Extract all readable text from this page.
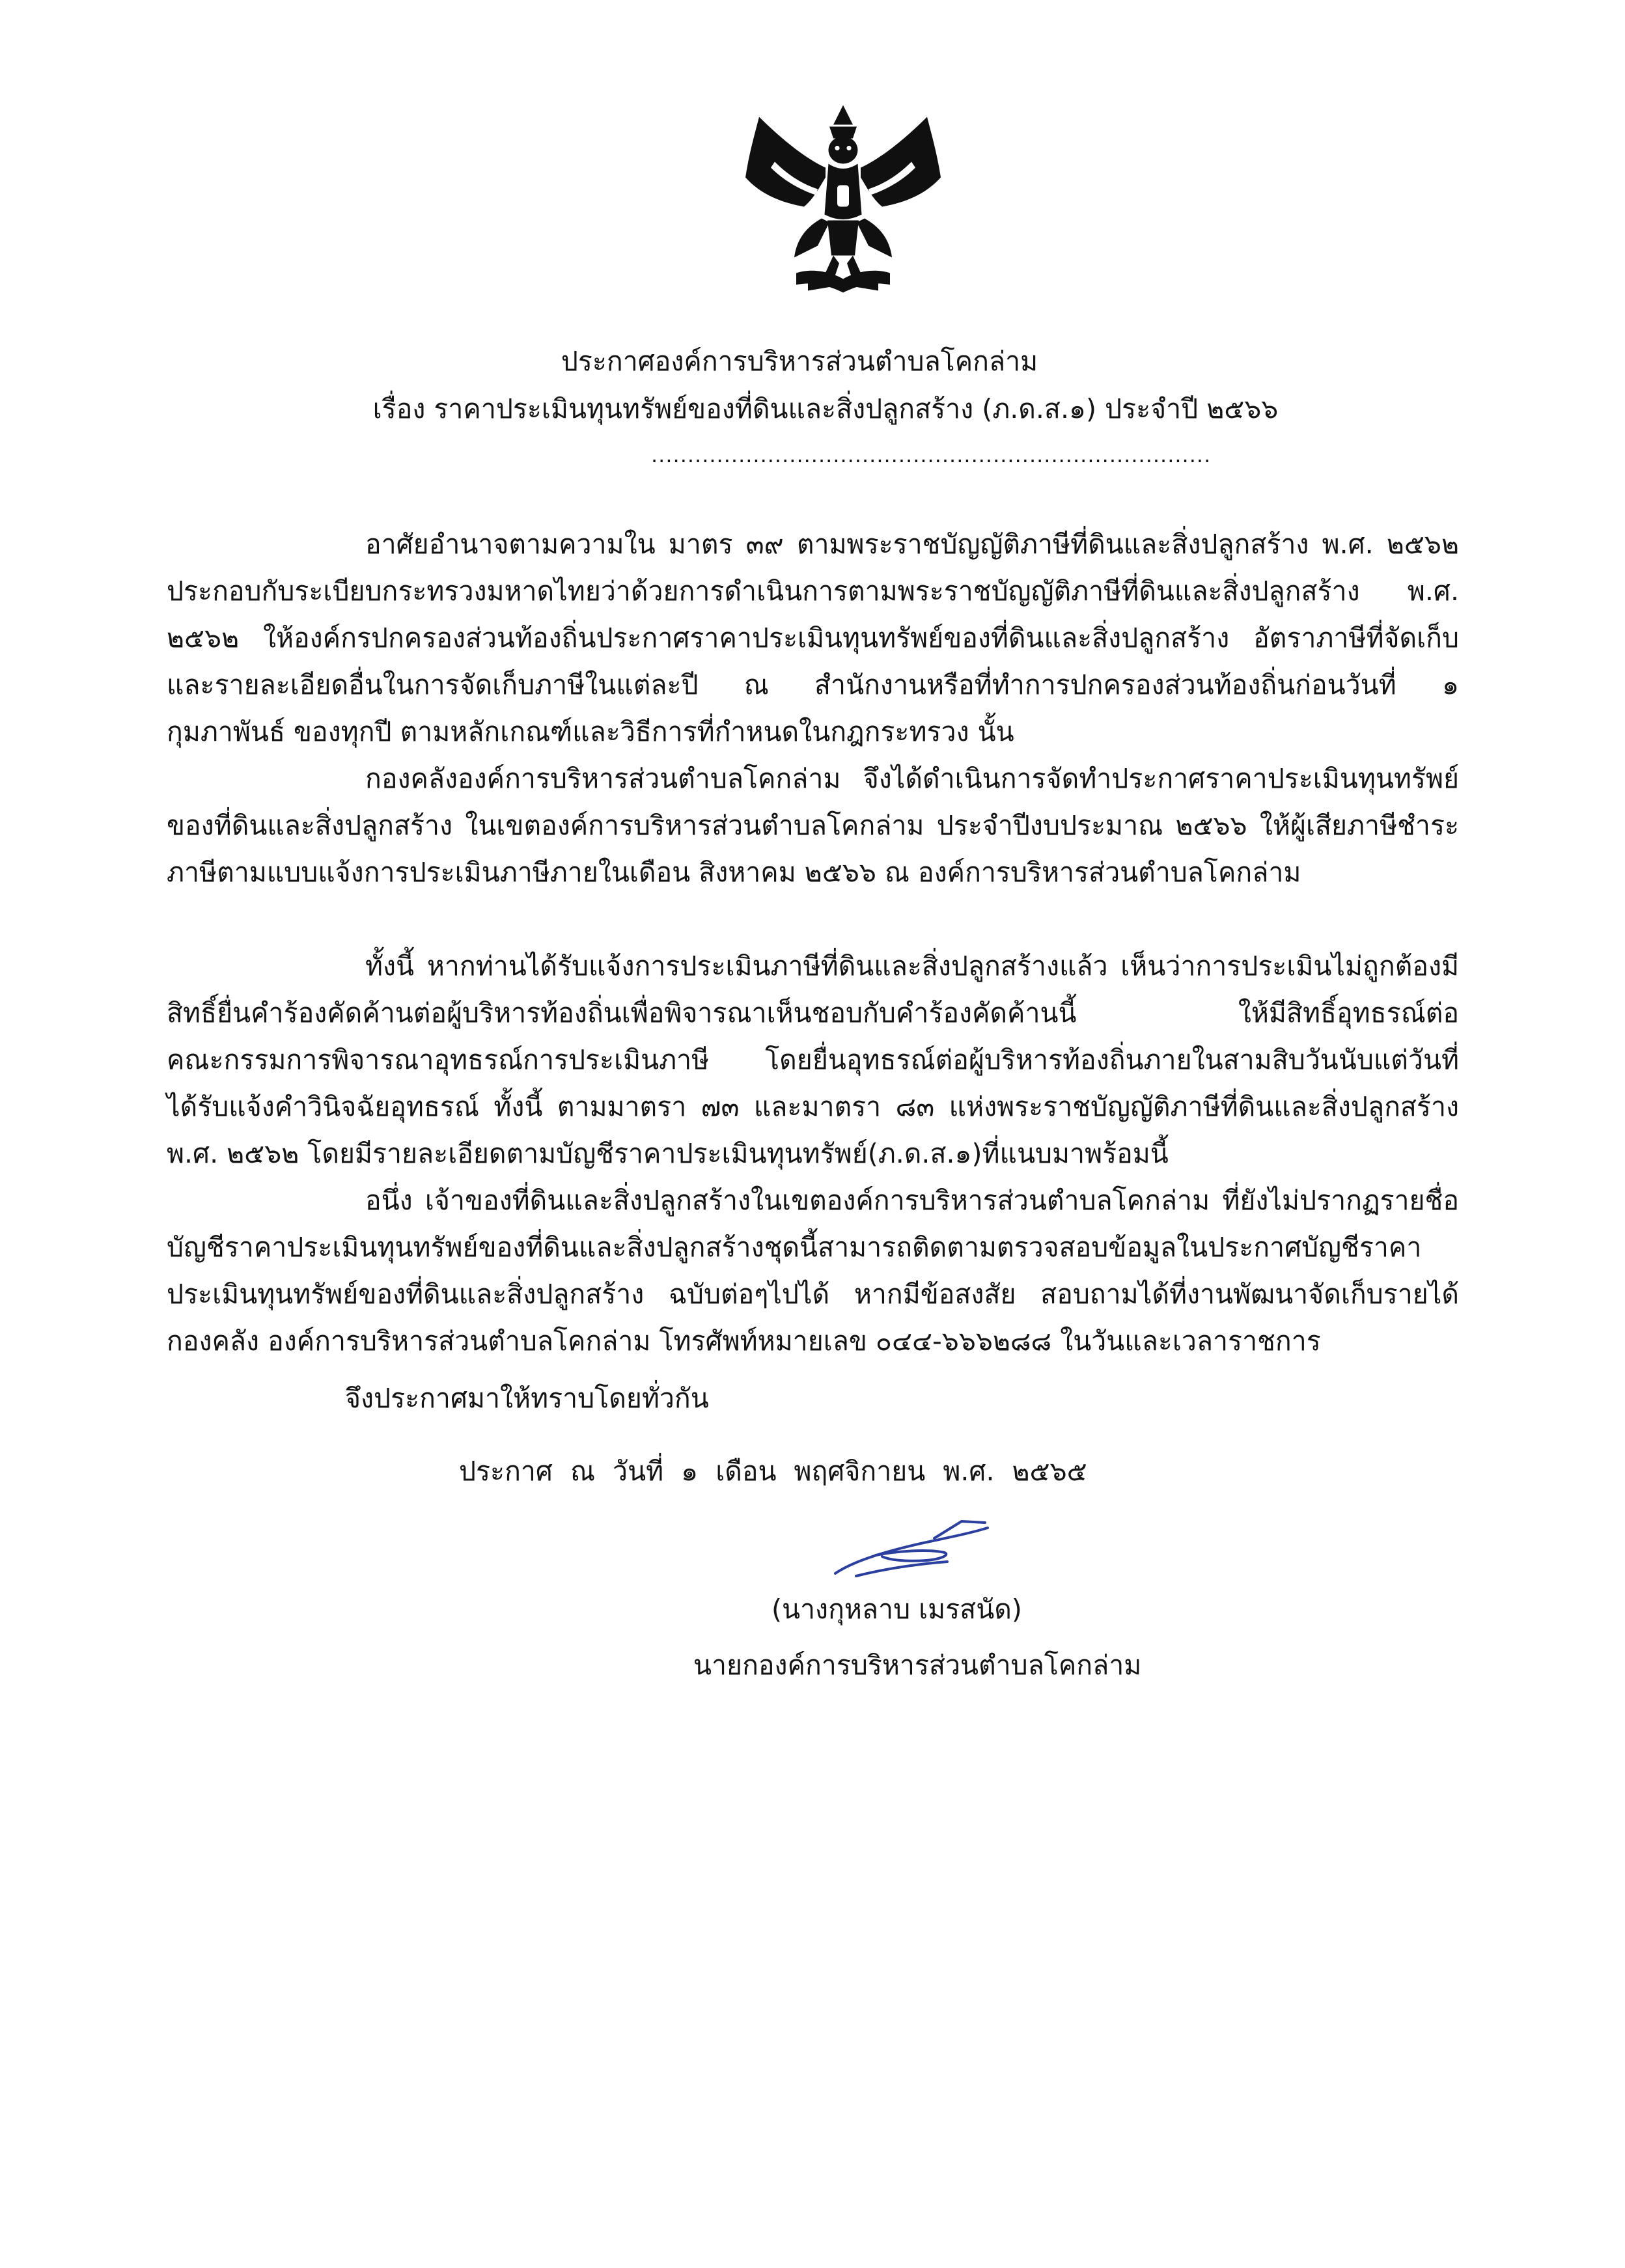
ประกาศองค์การบริหารส่วนตำบลโคกล่าม
เรื่อง ราคาประเมินทุนทรัพย์ของที่ดินและสิ่งปลูกสร้าง (ภ.ด.ส.๑) ประจำปี ๒๕๖๖
.............................................................................
อาศัยอำนาจตามความใน มาตร ๓๙ ตามพระราชบัญญัติภาษีที่ดินและสิ่งปลูกสร้าง พ.ศ. ๒๕๖๒
ประกอบกับระเบียบกระทรวงมหาดไทยว่าด้วยการดำเนินการตามพระราชบัญญัติภาษีที่ดินและสิ่งปลูกสร้าง พ.ศ.
๒๕๖๒ ให้องค์กรปกครองส่วนท้องถิ่นประกาศราคาประเมินทุนทรัพย์ของที่ดินและสิ่งปลูกสร้าง อัตราภาษีที่จัดเก็บ
และรายละเอียดอื่นในการจัดเก็บภาษีในแต่ละปี ณ สำนักงานหรือที่ทำการปกครองส่วนท้องถิ่นก่อนวันที่ ๑
กุมภาพันธ์ ของทุกปี ตามหลักเกณฑ์และวิธีการที่กำหนดในกฎกระทรวง นั้น
กองคลังองค์การบริหารส่วนตำบลโคกล่าม จึงได้ดำเนินการจัดทำประกาศราคาประเมินทุนทรัพย์
ของที่ดินและสิ่งปลูกสร้าง ในเขตองค์การบริหารส่วนตำบลโคกล่าม ประจำปีงบประมาณ ๒๕๖๖ ให้ผู้เสียภาษีชำระ
ภาษีตามแบบแจ้งการประเมินภาษีภายในเดือน สิงหาคม ๒๕๖๖ ณ องค์การบริหารส่วนตำบลโคกล่าม
ทั้งนี้ หากท่านได้รับแจ้งการประเมินภาษีที่ดินและสิ่งปลูกสร้างแล้ว เห็นว่าการประเมินไม่ถูกต้องมี
สิทธิ์ยื่นคำร้องคัดค้านต่อผู้บริหารท้องถิ่นเพื่อพิจารณาเห็นชอบกับคำร้องคัดค้านนี้ ให้มีสิทธิ์อุทธรณ์ต่อ
คณะกรรมการพิจารณาอุทธรณ์การประเมินภาษี โดยยื่นอุทธรณ์ต่อผู้บริหารท้องถิ่นภายในสามสิบวันนับแต่วันที่
ได้รับแจ้งคำวินิจฉัยอุทธรณ์ ทั้งนี้ ตามมาตรา ๗๓ และมาตรา ๘๓ แห่งพระราชบัญญัติภาษีที่ดินและสิ่งปลูกสร้าง
พ.ศ. ๒๕๖๒ โดยมีรายละเอียดตามบัญชีราคาประเมินทุนทรัพย์(ภ.ด.ส.๑)ที่แนบมาพร้อมนี้
อนึ่ง เจ้าของที่ดินและสิ่งปลูกสร้างในเขตองค์การบริหารส่วนตำบลโคกล่าม ที่ยังไม่ปรากฏรายชื่อ
บัญชีราคาประเมินทุนทรัพย์ของที่ดินและสิ่งปลูกสร้างชุดนี้สามารถติดตามตรวจสอบข้อมูลในประกาศบัญชีราคา
ประเมินทุนทรัพย์ของที่ดินและสิ่งปลูกสร้าง ฉบับต่อๆไปได้ หากมีข้อสงสัย สอบถามได้ที่งานพัฒนาจัดเก็บรายได้
กองคลัง องค์การบริหารส่วนตำบลโคกล่าม โทรศัพท์หมายเลข ๐๔๔-๖๖๖๒๘๘ ในวันและเวลาราชการ
จึงประกาศมาให้ทราบโดยทั่วกัน
ประกาศ ณ วันที่ ๑ เดือน พฤศจิกายน พ.ศ. ๒๕๖๕
(นางกุหลาบ เมรสนัด)
นายกองค์การบริหารส่วนตำบลโคกล่าม
